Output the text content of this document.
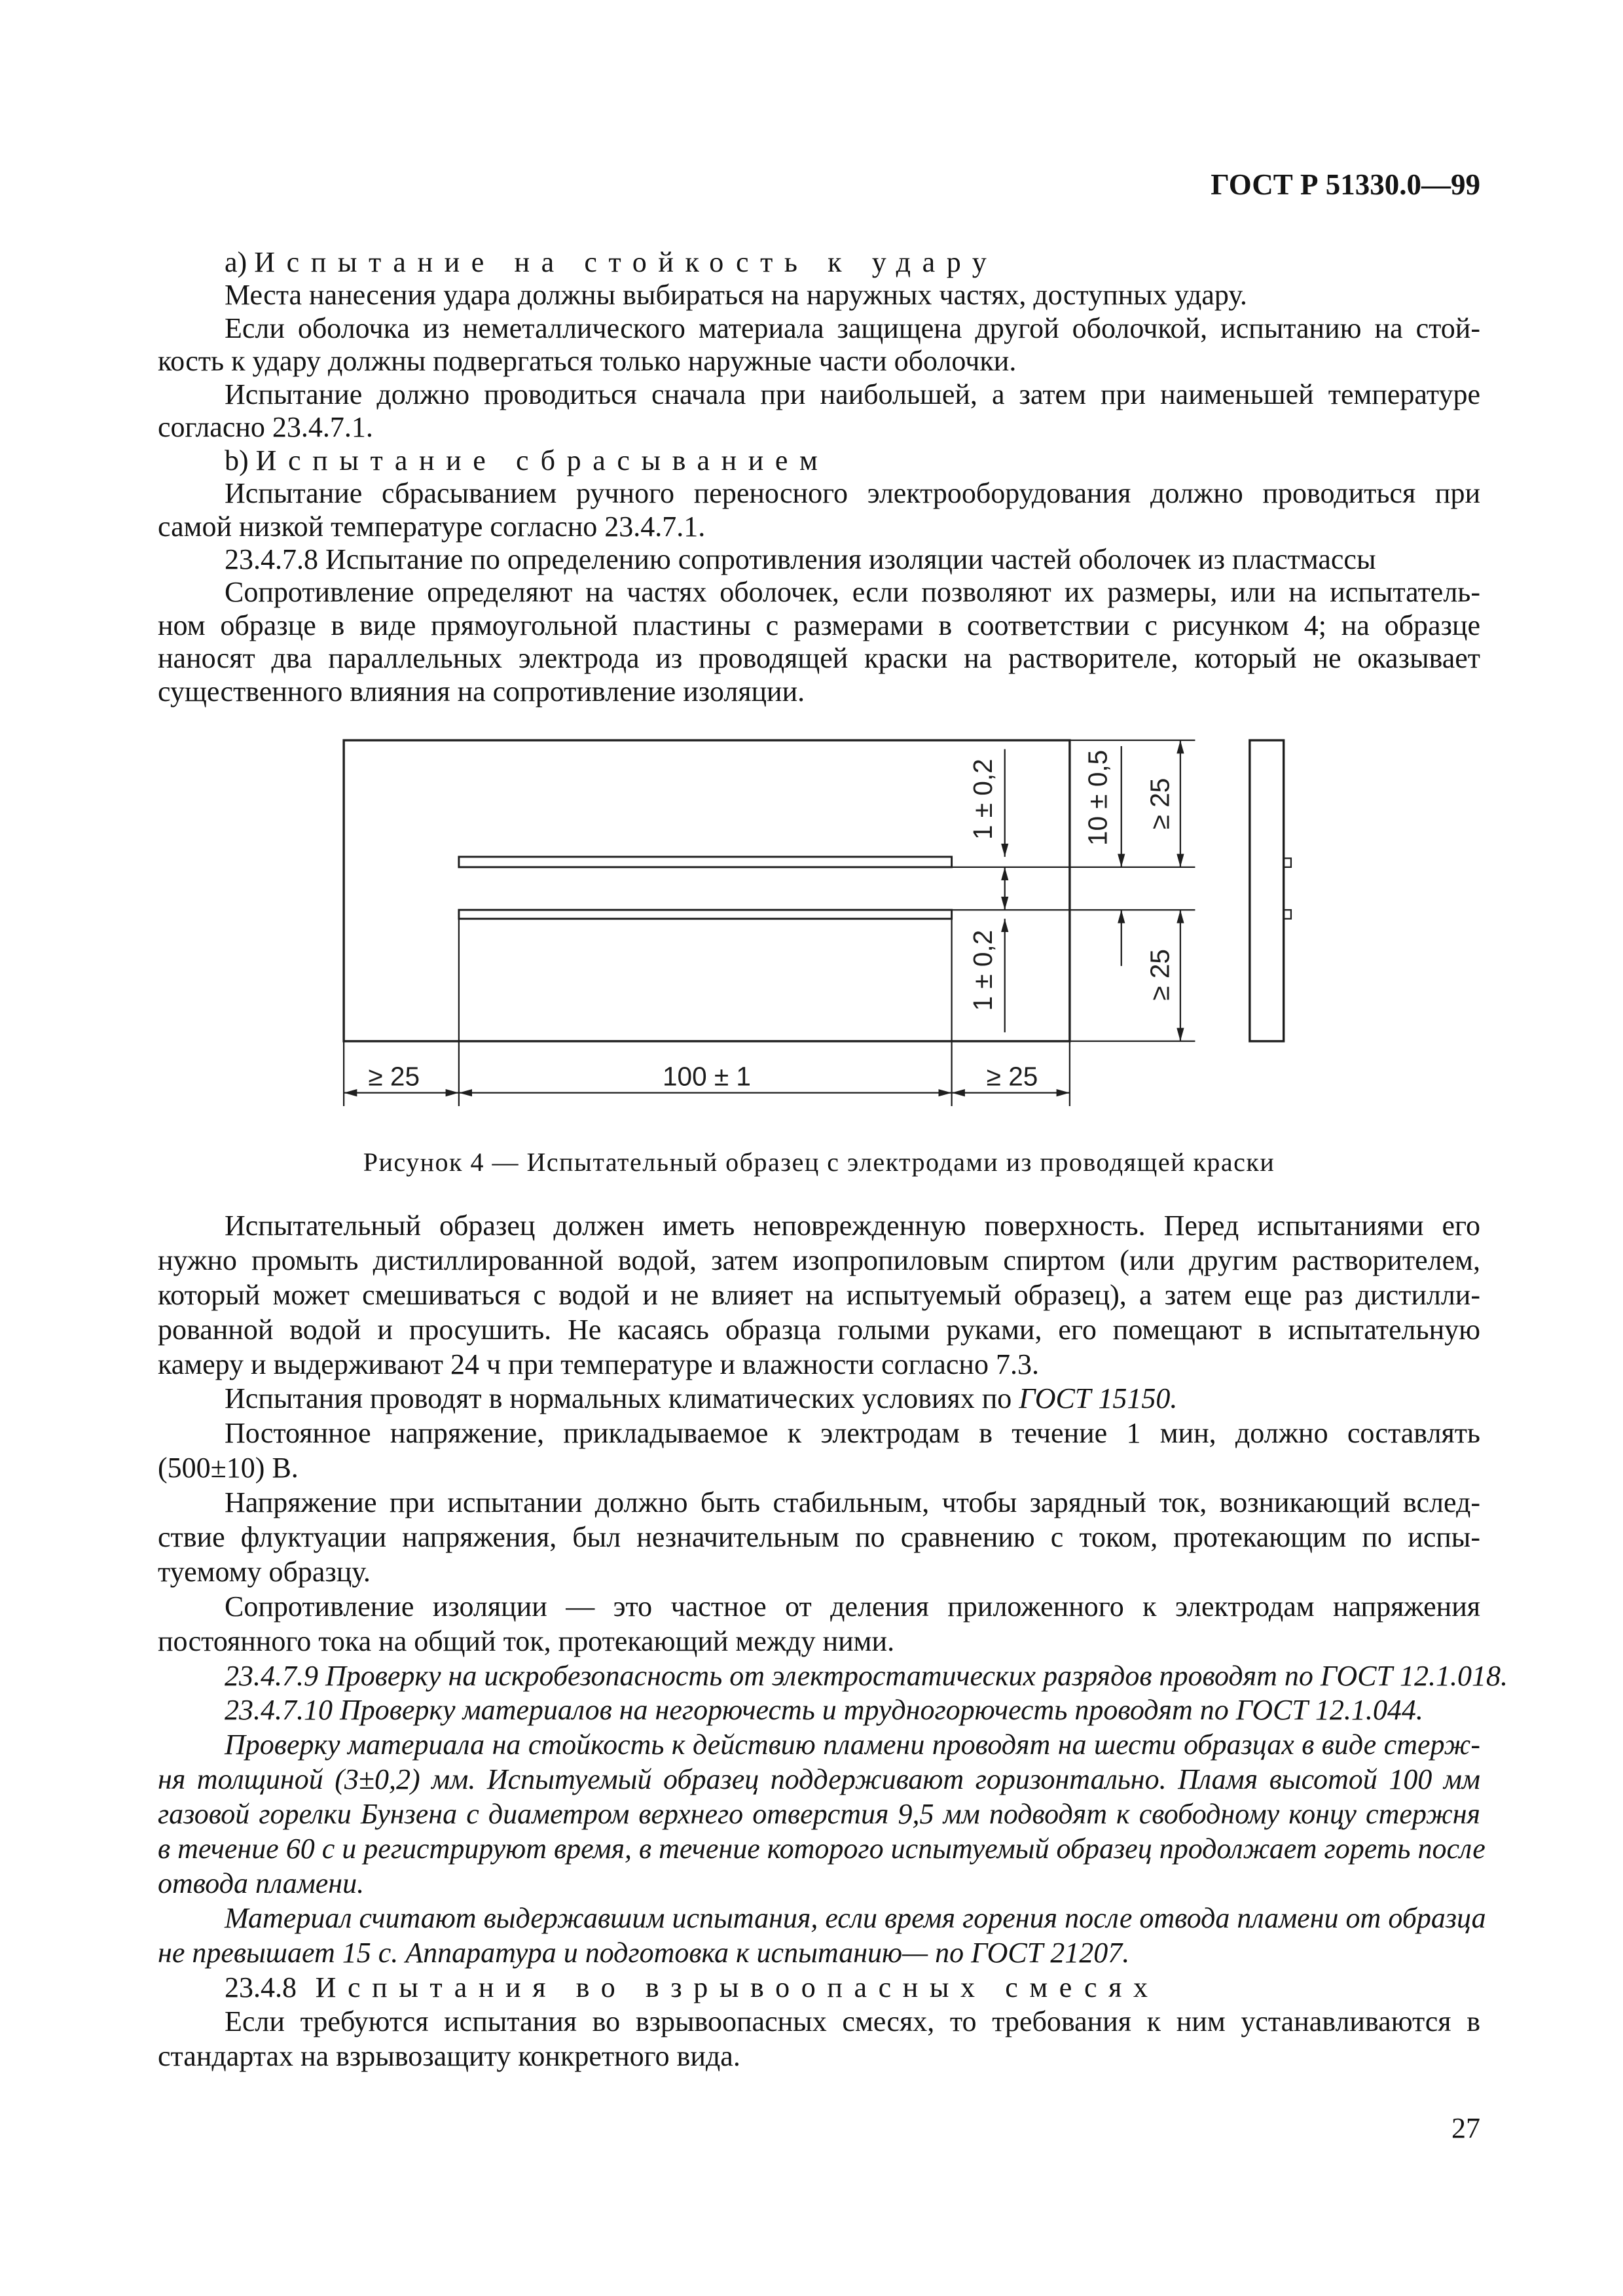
ГОСТ Р 51330.0—99
а) Испытание на стойкость к удару
Места нанесения удара должны выбираться на наружных частях, доступных удару.
Если оболочка из неметаллического материала защищена другой оболочкой, испытанию на стой-
кость к удару должны подвергаться только наружные части оболочки.
Испытание должно проводиться сначала при наибольшей, а затем при наименьшей температуре
согласно 23.4.7.1.
b) Испытание сбрасыванием
Испытание сбрасыванием ручного переносного электрооборудования должно проводиться при
самой низкой температуре согласно 23.4.7.1.
23.4.7.8 Испытание по определению сопротивления изоляции частей оболочек из пластмассы
Сопротивление определяют на частях оболочек, если позволяют их размеры, или на испытатель-
ном образце в виде прямоугольной пластины с размерами в соответствии с рисунком 4; на образце
наносят два параллельных электрода из проводящей краски на растворителе, который не оказывает
существенного влияния на сопротивление изоляции.
≥ 25	100 ± 1	≥ 25
1 ± 0,2
1 ± 0,2
10 ± 0,5	≥ 25
≥ 25
Рисунок 4 — Испытательный образец с электродами из проводящей краски
Испытательный образец должен иметь неповрежденную поверхность. Перед испытаниями его
нужно промыть дистиллированной водой, затем изопропиловым спиртом (или другим растворителем,
который может смешиваться с водой и не влияет на испытуемый образец), а затем еще раз дистилли-
рованной водой и просушить. Не касаясь образца голыми руками, его помещают в испытательную
камеру и выдерживают 24 ч при температуре и влажности согласно 7.3.
Испытания проводят в нормальных климатических условиях по ГОСТ 15150.
Постоянное напряжение, прикладываемое к электродам в течение 1 мин, должно составлять
(500±10) В.
Напряжение при испытании должно быть стабильным, чтобы зарядный ток, возникающий вслед-
ствие флуктуации напряжения, был незначительным по сравнению с током, протекающим по испы-
туемому образцу.
Сопротивление изоляции — это частное от деления приложенного к электродам напряжения
постоянного тока на общий ток, протекающий между ними.
23.4.7.9 Проверку на искробезопасность от электростатических разрядов проводят по ГОСТ 12.1.018.
23.4.7.10 Проверку материалов на негорючесть и трудногорючесть проводят по ГОСТ 12.1.044.
Проверку материала на стойкость к действию пламени проводят на шести образцах в виде стерж-
ня толщиной (3±0,2) мм. Испытуемый образец поддерживают горизонтально. Пламя высотой 100 мм
газовой горелки Бунзена с диаметром верхнего отверстия 9,5 мм подводят к свободному концу стержня
в течение 60 с и регистрируют время, в течение которого испытуемый образец продолжает гореть после
отвода пламени.
Материал считают выдержавшим испытания, если время горения после отвода пламени от образца
не превышает 15 с. Аппаратура и подготовка к испытанию— по ГОСТ 21207.
23.4.8 Испытания во взрывоопасных смесях
Если требуются испытания во взрывоопасных смесях, то требования к ним устанавливаются в
стандартах на взрывозащиту конкретного вида.
27
